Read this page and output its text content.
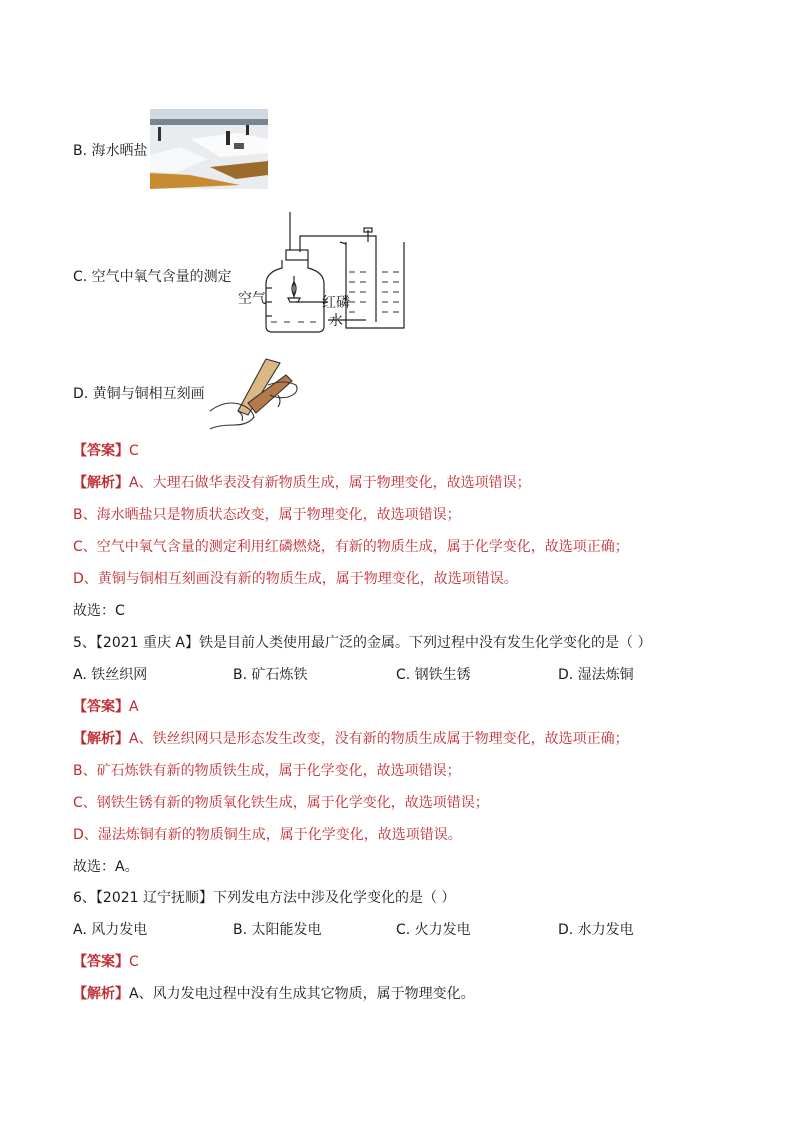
B. 海水晒盐
C. 空气中氧气含量的测定
空气	红磷
水
D. 黄铜与铜相互刻画
【答案】C
【解析】A、大理石做华表没有新物质生成，属于物理变化，故选项错误；
B、海水晒盐只是物质状态改变，属于物理变化，故选项错误；
C、空气中氧气含量的测定利用红磷燃烧，有新的物质生成，属于化学变化，故选项正确；
D、黄铜与铜相互刻画没有新的物质生成，属于物理变化，故选项错误。
故选：C
5、【2021 重庆 A】铁是目前人类使用最广泛的金属。下列过程中没有发生化学变化的是（ ）
A. 铁丝织网	B. 矿石炼铁	C. 钢铁生锈	D. 湿法炼铜
【答案】A
【解析】A、铁丝织网只是形态发生改变，没有新的物质生成属于物理变化，故选项正确；
B、矿石炼铁有新的物质铁生成，属于化学变化，故选项错误；
C、钢铁生锈有新的物质氧化铁生成，属于化学变化，故选项错误；
D、湿法炼铜有新的物质铜生成，属于化学变化，故选项错误。
故选：A。
6、【2021 辽宁抚顺】下列发电方法中涉及化学变化的是（ ）
A. 风力发电	B. 太阳能发电	C. 火力发电	D. 水力发电
【答案】C
【解析】A、风力发电过程中没有生成其它物质，属于物理变化。
